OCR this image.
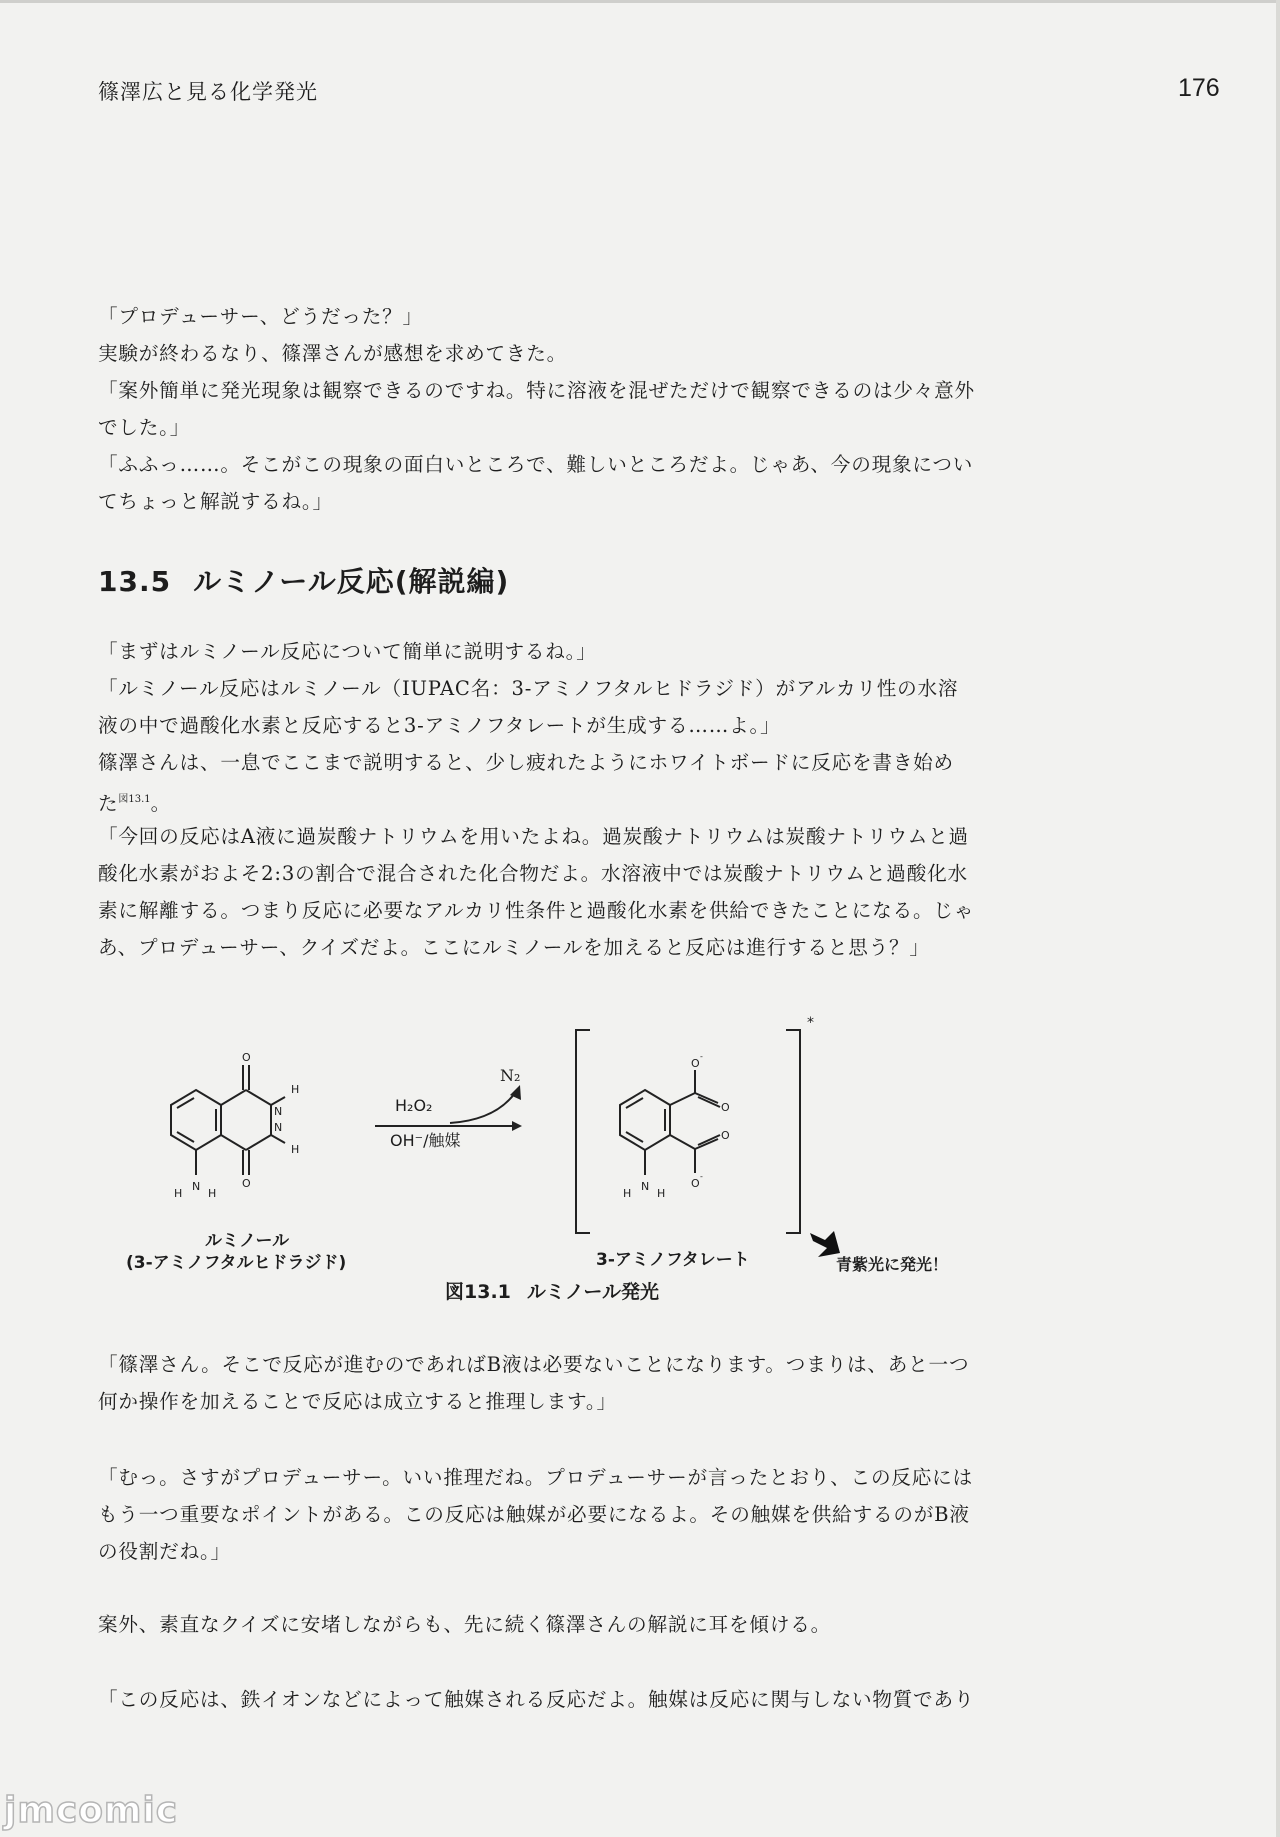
篠澤広と見る化学発光	176
「プロデューサー、どうだった？」
実験が終わるなり、篠澤さんが感想を求めてきた。
「案外簡単に発光現象は観察できるのですね。特に溶液を混ぜただけで観察できるのは少々意外
でした。」
「ふふっ……。そこがこの現象の面白いところで、難しいところだよ。じゃあ、今の現象につい
てちょっと解説するね。」
13.5 ルミノール反応(解説編)
「まずはルミノール反応について簡単に説明するね。」
「ルミノール反応はルミノール（IUPAC名：3-アミノフタルヒドラジド）がアルカリ性の水溶
液の中で過酸化水素と反応すると3-アミノフタレートが生成する……よ。」
篠澤さんは、一息でここまで説明すると、少し疲れたようにホワイトボードに反応を書き始め
た$^{図13.1}$。
「今回の反応はA液に過炭酸ナトリウムを用いたよね。過炭酸ナトリウムは炭酸ナトリウムと過
酸化水素がおよそ2:3の割合で混合された化合物だよ。水溶液中では炭酸ナトリウムと過酸化水
素に解離する。つまり反応に必要なアルカリ性条件と過酸化水素を供給できたことになる。じゃ
あ、プロデューサー、クイズだよ。ここにルミノールを加えると反応は進行すると思う？」
O
O
N
N
H
H
N
H H
O
-
O
O
O
-
N
H H
H₂O₂
OH⁻/触媒
N₂
*
ルミノール
(3-アミノフタルヒドラジド)	3-アミノフタレート	青紫光に発光！
図13.1 ルミノール発光
「篠澤さん。そこで反応が進むのであればB液は必要ないことになります。つまりは、あと一つ
何か操作を加えることで反応は成立すると推理します。」
「むっ。さすがプロデューサー。いい推理だね。プロデューサーが言ったとおり、この反応には
もう一つ重要なポイントがある。この反応は触媒が必要になるよ。その触媒を供給するのがB液
の役割だね。」
案外、素直なクイズに安堵しながらも、先に続く篠澤さんの解説に耳を傾ける。
「この反応は、鉄イオンなどによって触媒される反応だよ。触媒は反応に関与しない物質であり
jmcomic
